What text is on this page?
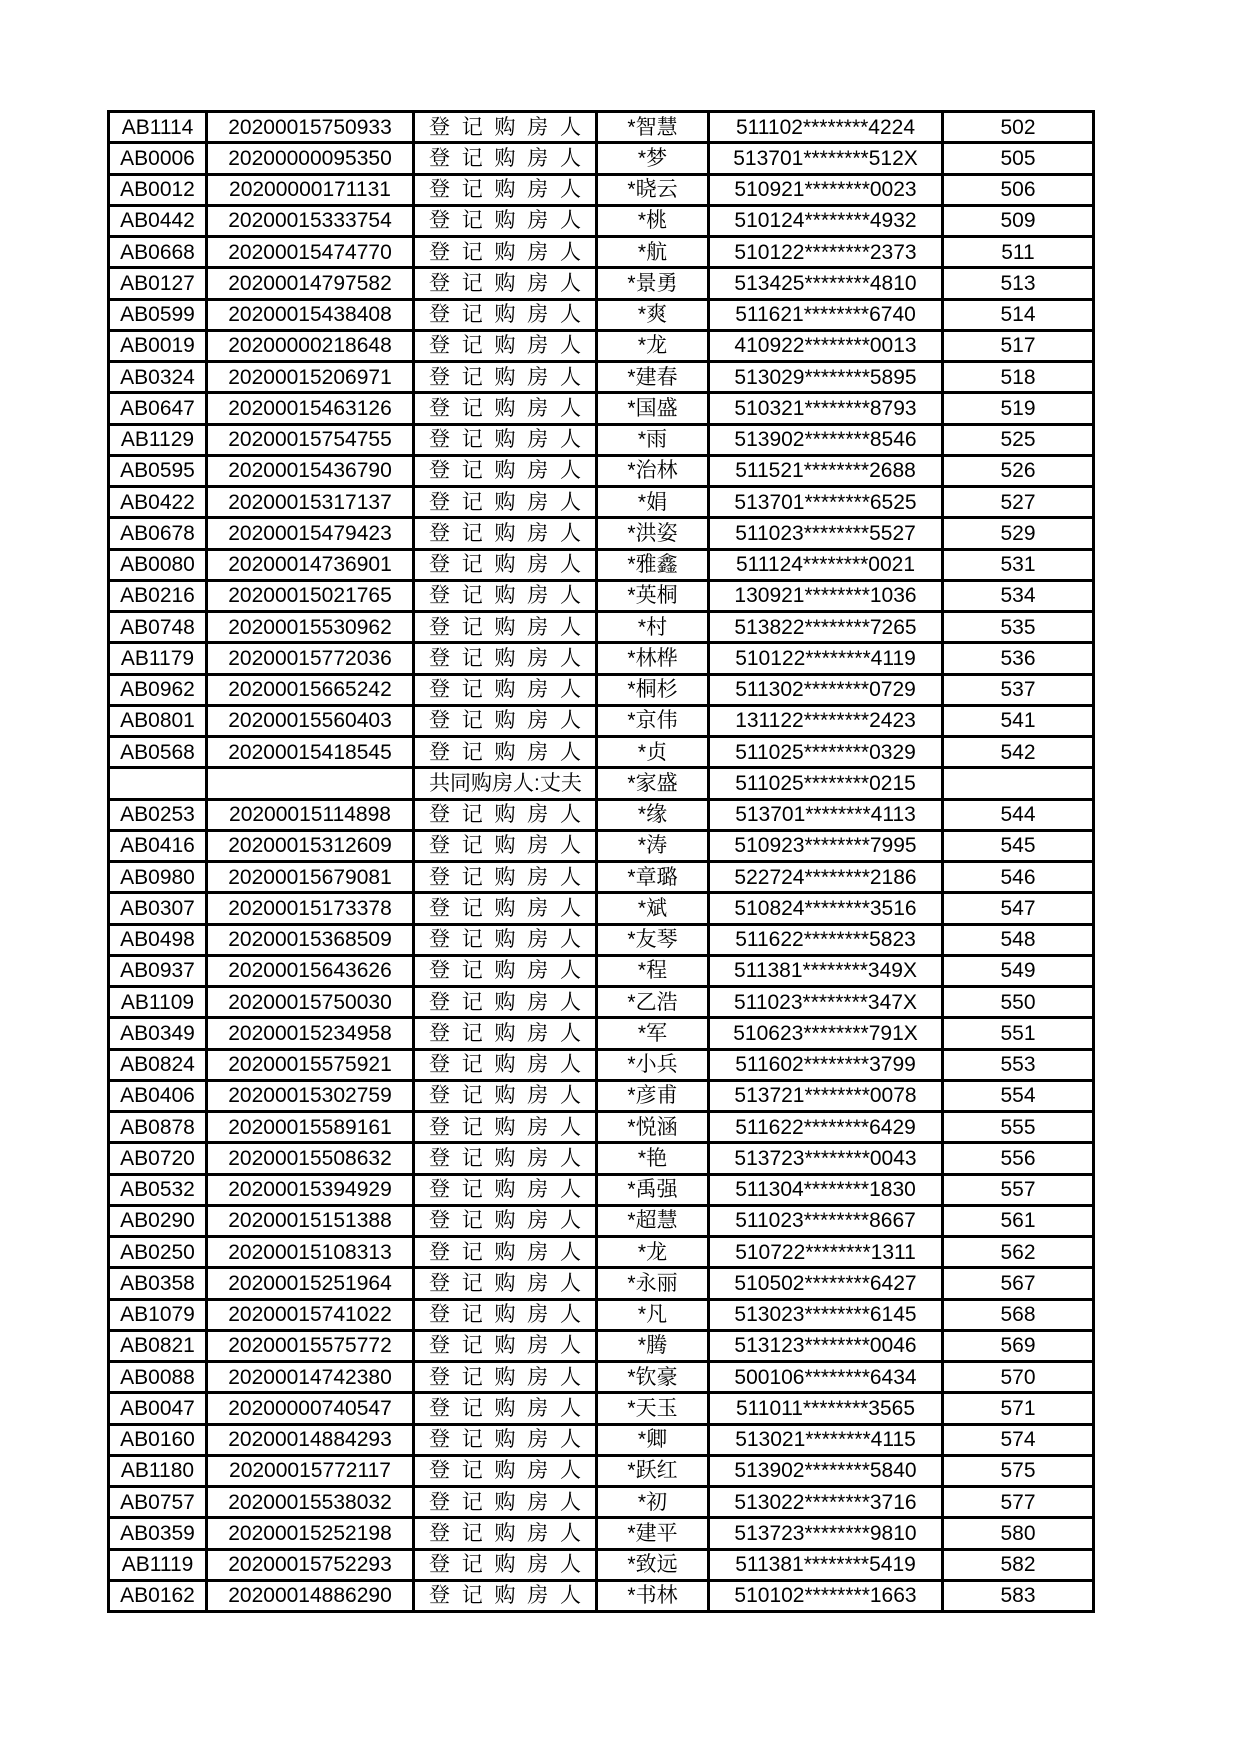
AB1114	20200015750933	登记购房人	*智慧	511102********4224	502
AB0006	20200000095350	登记购房人	*梦	513701********512X	505
AB0012	20200000171131	登记购房人	*晓云	510921********0023	506
AB0442	20200015333754	登记购房人	*桃	510124********4932	509
AB0668	20200015474770	登记购房人	*航	510122********2373	511
AB0127	20200014797582	登记购房人	*景勇	513425********4810	513
AB0599	20200015438408	登记购房人	*爽	511621********6740	514
AB0019	20200000218648	登记购房人	*龙	410922********0013	517
AB0324	20200015206971	登记购房人	*建春	513029********5895	518
AB0647	20200015463126	登记购房人	*国盛	510321********8793	519
AB1129	20200015754755	登记购房人	*雨	513902********8546	525
AB0595	20200015436790	登记购房人	*治林	511521********2688	526
AB0422	20200015317137	登记购房人	*娟	513701********6525	527
AB0678	20200015479423	登记购房人	*洪姿	511023********5527	529
AB0080	20200014736901	登记购房人	*雅鑫	511124********0021	531
AB0216	20200015021765	登记购房人	*英桐	130921********1036	534
AB0748	20200015530962	登记购房人	*村	513822********7265	535
AB1179	20200015772036	登记购房人	*林桦	510122********4119	536
AB0962	20200015665242	登记购房人	*桐杉	511302********0729	537
AB0801	20200015560403	登记购房人	*京伟	131122********2423	541
AB0568	20200015418545	登记购房人	*贞	511025********0329	542
		共同购房人:丈夫	*家盛	511025********0215	
AB0253	20200015114898	登记购房人	*缘	513701********4113	544
AB0416	20200015312609	登记购房人	*涛	510923********7995	545
AB0980	20200015679081	登记购房人	*章璐	522724********2186	546
AB0307	20200015173378	登记购房人	*斌	510824********3516	547
AB0498	20200015368509	登记购房人	*友琴	511622********5823	548
AB0937	20200015643626	登记购房人	*程	511381********349X	549
AB1109	20200015750030	登记购房人	*乙浩	511023********347X	550
AB0349	20200015234958	登记购房人	*军	510623********791X	551
AB0824	20200015575921	登记购房人	*小兵	511602********3799	553
AB0406	20200015302759	登记购房人	*彦甫	513721********0078	554
AB0878	20200015589161	登记购房人	*悦涵	511622********6429	555
AB0720	20200015508632	登记购房人	*艳	513723********0043	556
AB0532	20200015394929	登记购房人	*禹强	511304********1830	557
AB0290	20200015151388	登记购房人	*超慧	511023********8667	561
AB0250	20200015108313	登记购房人	*龙	510722********1311	562
AB0358	20200015251964	登记购房人	*永丽	510502********6427	567
AB1079	20200015741022	登记购房人	*凡	513023********6145	568
AB0821	20200015575772	登记购房人	*腾	513123********0046	569
AB0088	20200014742380	登记购房人	*钦豪	500106********6434	570
AB0047	20200000740547	登记购房人	*天玉	511011********3565	571
AB0160	20200014884293	登记购房人	*卿	513021********4115	574
AB1180	20200015772117	登记购房人	*跃红	513902********5840	575
AB0757	20200015538032	登记购房人	*初	513022********3716	577
AB0359	20200015252198	登记购房人	*建平	513723********9810	580
AB1119	20200015752293	登记购房人	*致远	511381********5419	582
AB0162	20200014886290	登记购房人	*书林	510102********1663	583
